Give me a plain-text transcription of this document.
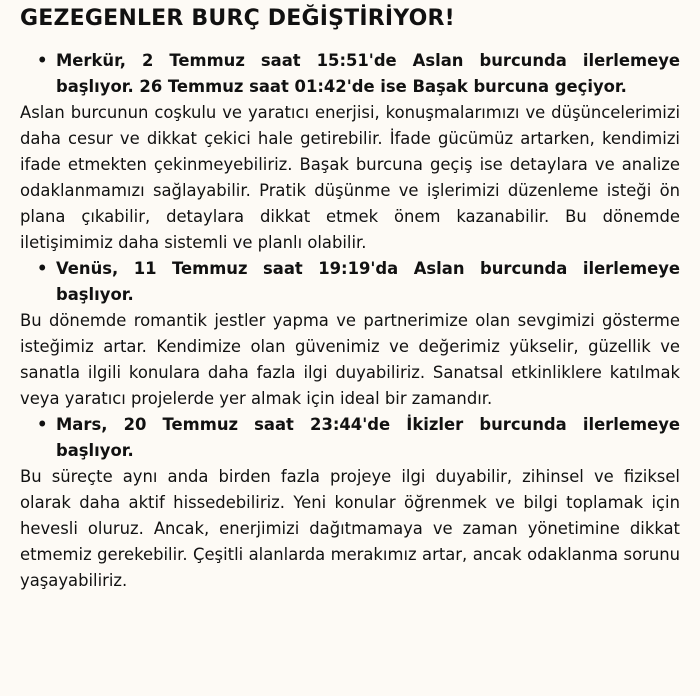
GEZEGENLER BURÇ DEĞİŞTİRİYOR!

• Merkür, 2 Temmuz saat 15:51'de Aslan burcunda ilerlemeye başlıyor. 26 Temmuz saat 01:42'de ise Başak burcuna geçiyor.

Aslan burcunun coşkulu ve yaratıcı enerjisi, konuşmalarımızı ve düşüncelerimizi daha cesur ve dikkat çekici hale getirebilir. İfade gücümüz artarken, kendimizi ifade etmekten çekinmeyebiliriz. Başak burcuna geçiş ise detaylara ve analize odaklanmamızı sağlayabilir. Pratik düşünme ve işlerimizi düzenleme isteği ön plana çıkabilir, detaylara dikkat etmek önem kazanabilir. Bu dönemde iletişimimiz daha sistemli ve planlı olabilir.

• Venüs, 11 Temmuz saat 19:19'da Aslan burcunda ilerlemeye başlıyor.

Bu dönemde romantik jestler yapma ve partnerimize olan sevgimizi gösterme isteğimiz artar. Kendimize olan güvenimiz ve değerimiz yükselir, güzellik ve sanatla ilgili konulara daha fazla ilgi duyabiliriz. Sanatsal etkinliklere katılmak veya yaratıcı projelerde yer almak için ideal bir zamandır.

• Mars, 20 Temmuz saat 23:44'de İkizler burcunda ilerlemeye başlıyor.

Bu süreçte aynı anda birden fazla projeye ilgi duyabilir, zihinsel ve fiziksel olarak daha aktif hissedebiliriz. Yeni konular öğrenmek ve bilgi toplamak için hevesli oluruz. Ancak, enerjimizi dağıtmamaya ve zaman yönetimine dikkat etmemiz gerekebilir. Çeşitli alanlarda merakımız artar, ancak odaklanma sorunu yaşayabiliriz.
